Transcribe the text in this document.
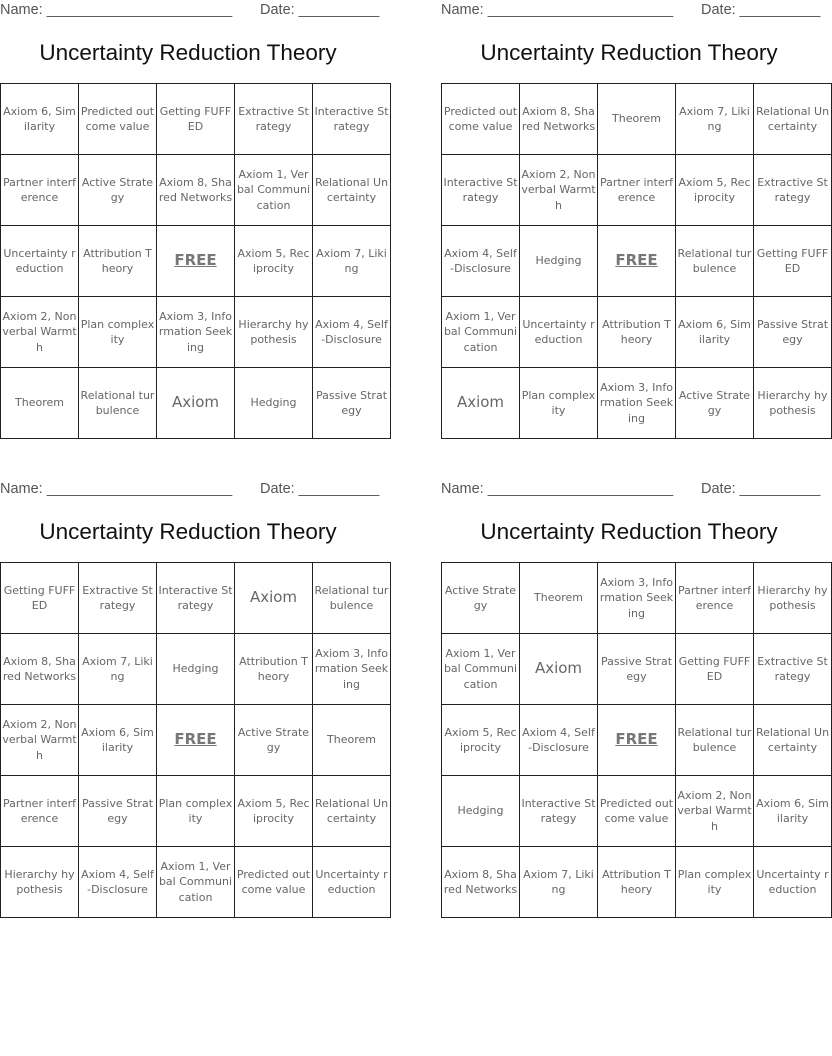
Name: _______________________ Date: __________
Uncertainty Reduction Theory
Axiom 6, Similarity	Predicted outcome value	Getting FUFFED	Extractive Strategy	Interactive Strategy
Partner interference	Active Strategy	Axiom 8, Shared Networks	Axiom 1, Verbal Communication	Relational Uncertainty
Uncertainty reduction	Attribution Theory	FREE	Axiom 5, Reciprocity	Axiom 7, Liking
Axiom 2, Nonverbal Warmth	Plan complexity	Axiom 3, Information Seeking	Hierarchy hypothesis	Axiom 4, Self-Disclosure
Theorem	Relational turbulence	Axiom	Hedging	Passive Strategy
Name: _______________________ Date: __________
Uncertainty Reduction Theory
Predicted outcome value	Axiom 8, Shared Networks	Theorem	Axiom 7, Liking	Relational Uncertainty
Interactive Strategy	Axiom 2, Nonverbal Warmth	Partner interference	Axiom 5, Reciprocity	Extractive Strategy
Axiom 4, Self-Disclosure	Hedging	FREE	Relational turbulence	Getting FUFFED
Axiom 1, Verbal Communication	Uncertainty reduction	Attribution Theory	Axiom 6, Similarity	Passive Strategy
Axiom	Plan complexity	Axiom 3, Information Seeking	Active Strategy	Hierarchy hypothesis
Name: _______________________ Date: __________
Uncertainty Reduction Theory
Getting FUFFED	Extractive Strategy	Interactive Strategy	Axiom	Relational turbulence
Axiom 8, Shared Networks	Axiom 7, Liking	Hedging	Attribution Theory	Axiom 3, Information Seeking
Axiom 2, Nonverbal Warmth	Axiom 6, Similarity	FREE	Active Strategy	Theorem
Partner interference	Passive Strategy	Plan complexity	Axiom 5, Reciprocity	Relational Uncertainty
Hierarchy hypothesis	Axiom 4, Self-Disclosure	Axiom 1, Verbal Communication	Predicted outcome value	Uncertainty reduction
Name: _______________________ Date: __________
Uncertainty Reduction Theory
Active Strategy	Theorem	Axiom 3, Information Seeking	Partner interference	Hierarchy hypothesis
Axiom 1, Verbal Communication	Axiom	Passive Strategy	Getting FUFFED	Extractive Strategy
Axiom 5, Reciprocity	Axiom 4, Self-Disclosure	FREE	Relational turbulence	Relational Uncertainty
Hedging	Interactive Strategy	Predicted outcome value	Axiom 2, Nonverbal Warmth	Axiom 6, Similarity
Axiom 8, Shared Networks	Axiom 7, Liking	Attribution Theory	Plan complexity	Uncertainty reduction
